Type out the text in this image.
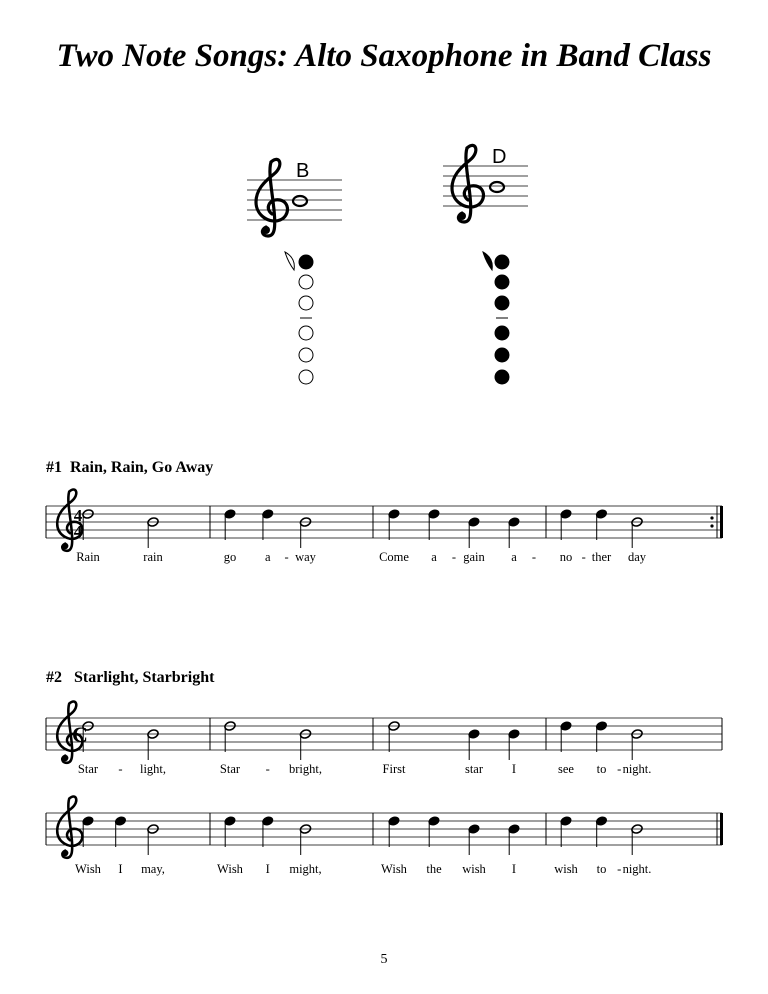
Two Note Songs: Alto Saxophone in Band Class
B
D
#1  Rain, Rain, Go Away
#2   Starlight, Starbright
4
4
Rain	rain	go a - way	Come a - gain a - no - ther day
C
Star - light,	Star - bright,	First	star I	see to - night.
Wish I may,	Wish I might,	Wish the wish I	wish to - night.
5
